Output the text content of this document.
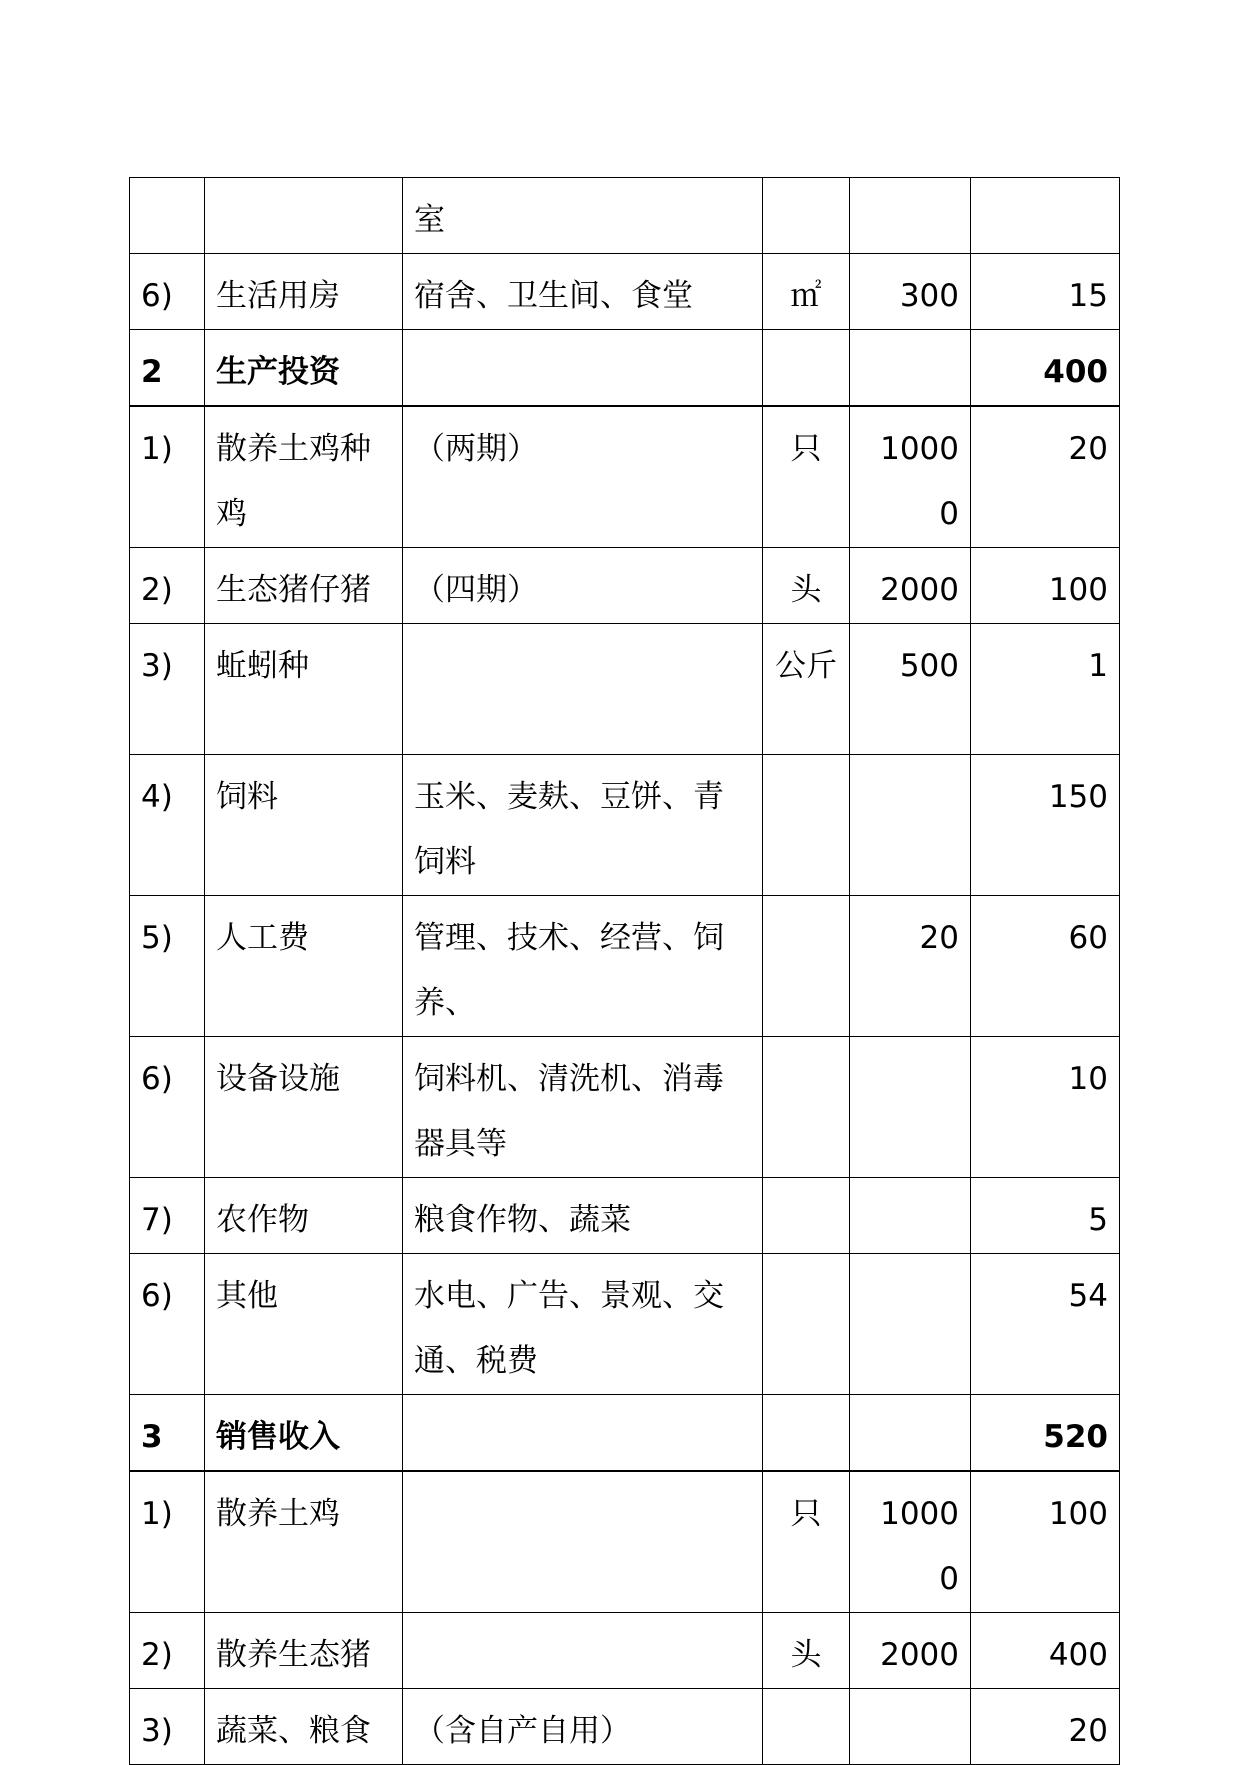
		室			
6)	生活用房	宿舍、卫生间、食堂	㎡	300	15
2	生产投资				400
1)	散养土鸡种鸡	（两期）	只	10000	20
2)	生态猪仔猪	（四期）	头	2000	100
3)	蚯蚓种		公斤	500	1
4)	饲料	玉米、麦麸、豆饼、青饲料			150
5)	人工费	管理、技术、经营、饲养、		20	60
6)	设备设施	饲料机、清洗机、消毒器具等			10
7)	农作物	粮食作物、蔬菜			5
6)	其他	水电、广告、景观、交通、税费			54
3	销售收入				520
1)	散养土鸡		只	10000	100
2)	散养生态猪		头	2000	400
3)	蔬菜、粮食	（含自产自用）			20
